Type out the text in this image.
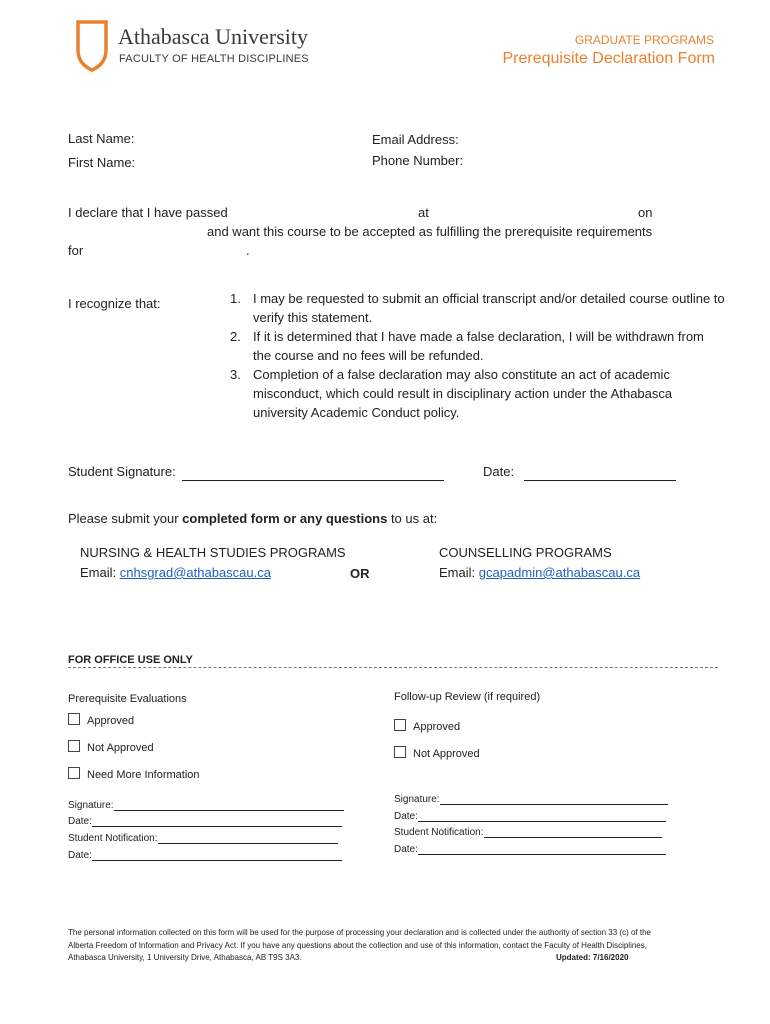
Athabasca University
FACULTY OF HEALTH DISCIPLINES
GRADUATE PROGRAMS
Prerequisite Declaration Form
Last Name:
First Name:
Email Address:
Phone Number:
I declare that I have passed	at	on
and want this course to be accepted as fulfilling the prerequisite requirements
for	.
I recognize that:	1. I may be requested to submit an official transcript and/or detailed course outline to verify this statement.
2. If it is determined that I have made a false declaration, I will be withdrawn from the course and no fees will be refunded.
3. Completion of a false declaration may also constitute an act of academic misconduct, which could result in disciplinary action under the Athabasca university Academic Conduct policy.
Student Signature:	Date:
Please submit your completed form or any questions to us at:
NURSING & HEALTH STUDIES PROGRAMS
Email: cnhsgrad@athabascau.ca	OR
COUNSELLING PROGRAMS
Email: gcapadmin@athabascau.ca
FOR OFFICE USE ONLY
Prerequisite Evaluations
Approved
Not Approved
Need More Information
Follow-up Review (if required)
Approved
Not Approved
Signature:
Date:
Student Notification:
Date:
Signature:
Date:
Student Notification:
Date:
The personal information collected on this form will be used for the purpose of processing your declaration and is collected under the authority of section 33 (c) of the Alberta Freedom of Information and Privacy Act. If you have any questions about the collection and use of this information, contact the Faculty of Health Disciplines, Athabasca University, 1 University Drive, Athabasca, AB T9S 3A3.	Updated: 7/16/2020
